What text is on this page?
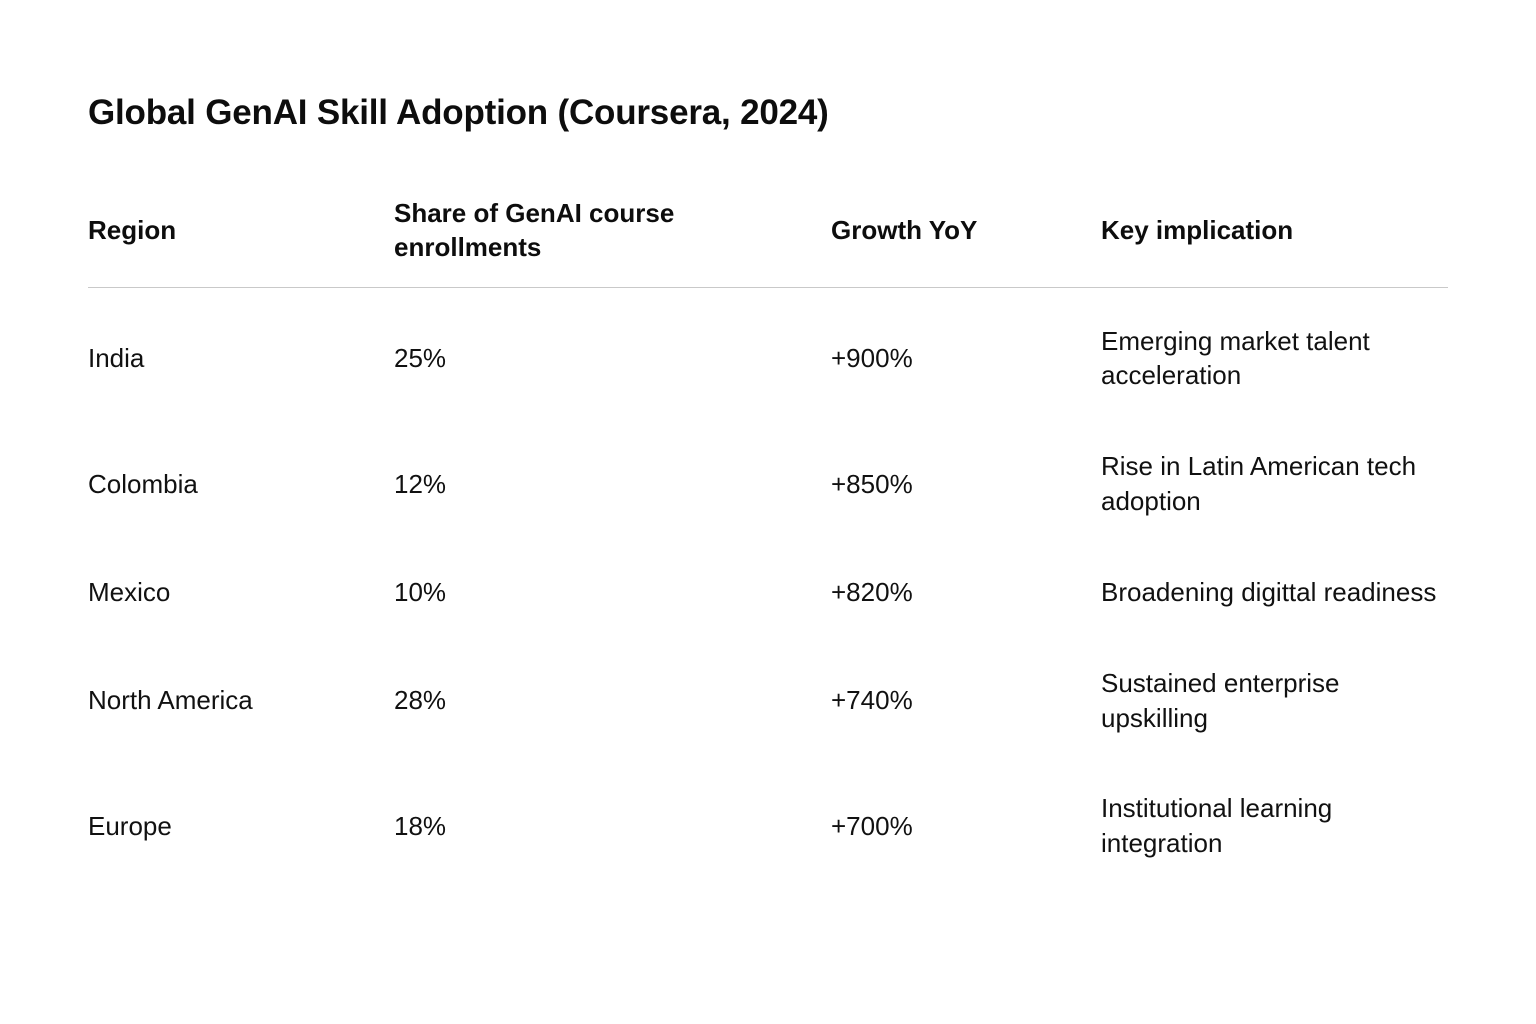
Global GenAI Skill Adoption (Coursera, 2024)
Region	Share of GenAI course enrollments	Growth YoY	Key implication

India	25%	+900%	Emerging market talent acceleration
Colombia	12%	+850%	Rise in Latin American tech adoption
Mexico	10%	+820%	Broadening digittal readiness
North America	28%	+740%	Sustained enterprise upskilling
Europe	18%	+700%	Institutional learning integration
